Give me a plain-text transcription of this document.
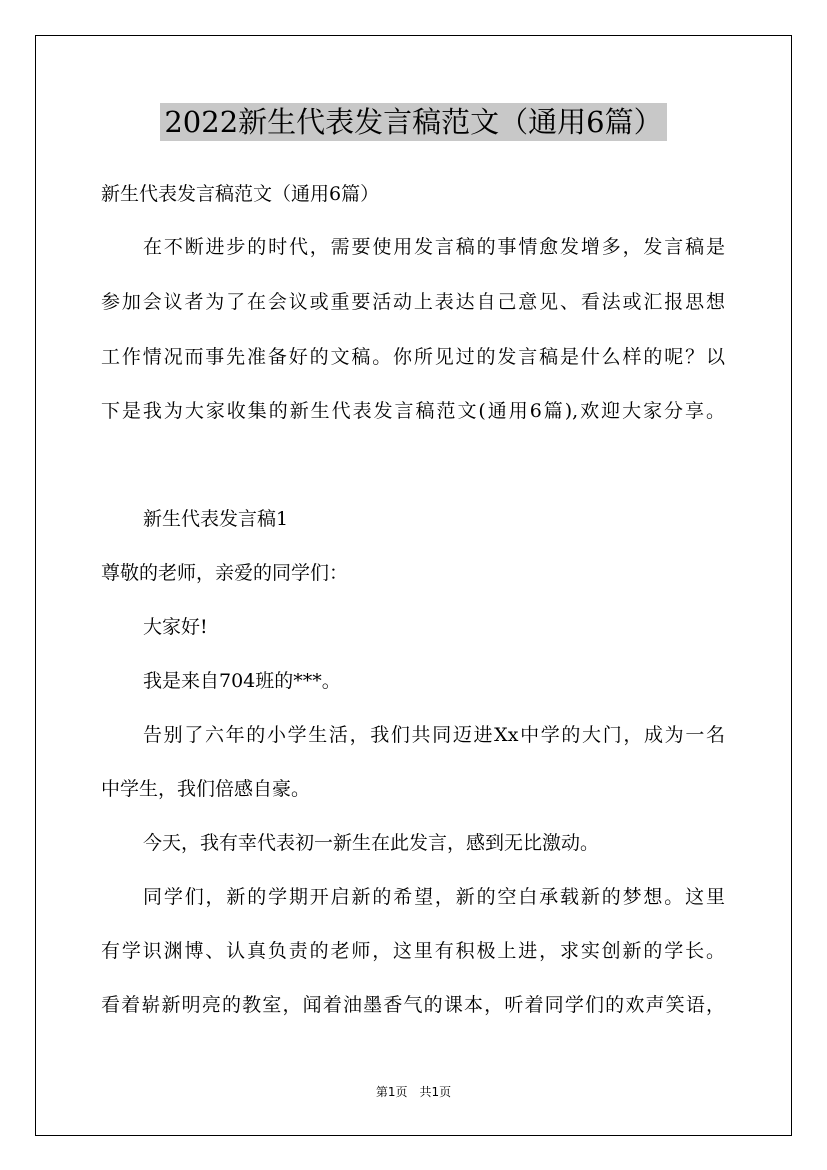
2022新生代表发言稿范文（通用6篇）
新生代表发言稿范文（通用6篇）
在不断进步的时代，需要使用发言稿的事情愈发增多，发言稿是
参加会议者为了在会议或重要活动上表达自己意见、看法或汇报思想
工作情况而事先准备好的文稿。你所见过的发言稿是什么样的呢？以
下是我为大家收集的新生代表发言稿范文(通用6篇),欢迎大家分享。
新生代表发言稿1
尊敬的老师，亲爱的同学们：
大家好!
我是来自704班的***。
告别了六年的小学生活，我们共同迈进Xx中学的大门，成为一名
中学生，我们倍感自豪。
今天，我有幸代表初一新生在此发言，感到无比激动。
同学们，新的学期开启新的希望，新的空白承载新的梦想。这里
有学识渊博、认真负责的老师，这里有积极上进，求实创新的学长。
看着崭新明亮的教室，闻着油墨香气的课本，听着同学们的欢声笑语，
第1页　共1页
